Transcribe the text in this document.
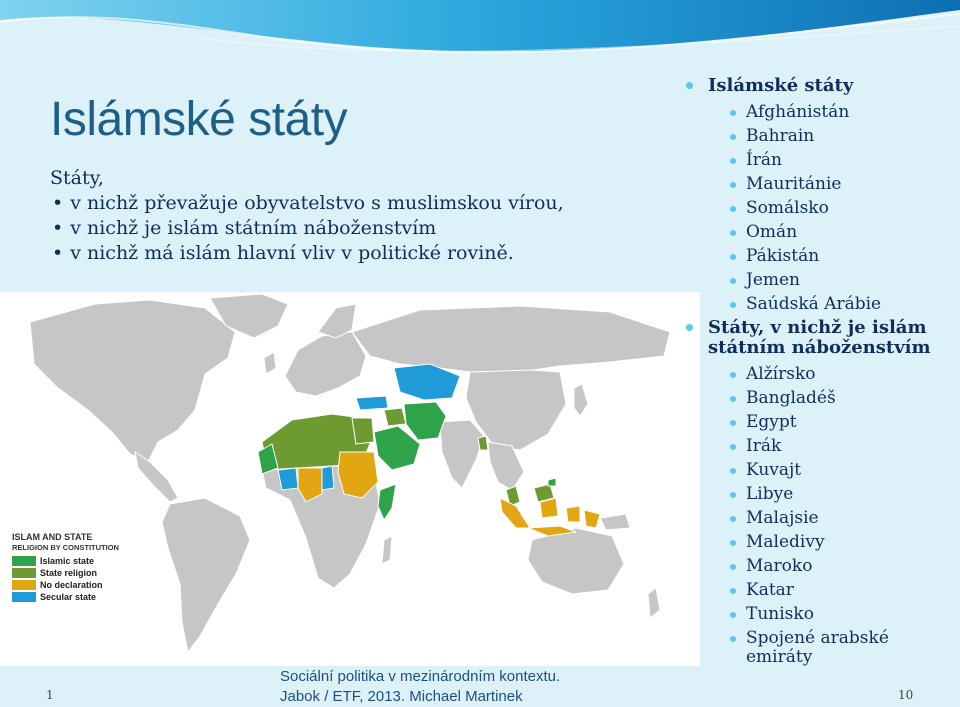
Islámské státy
Státy,
• v nichž převažuje obyvatelstvo s muslimskou vírou,
• v nichž je islám státním náboženstvím
• v nichž má islám hlavní vliv v politické rovině.
ISLAM AND STATE
RELIGION BY CONSTITUTION
Islamic state
State religion
No declaration
Secular state
Islámské státy
Afghánistán
Bahrain
Írán
Mauritánie
Somálsko
Omán
Pákistán
Jemen
Saúdská Arábie
Státy, v nichž je islám státním náboženstvím
Alžírsko
Bangladéš
Egypt
Irák
Kuvajt
Libye
Malajsie
Maledivy
Maroko
Katar
Tunisko
Spojené arabské emiráty
1
Sociální politika v mezinárodním kontextu.
Jabok / ETF, 2013. Michael Martinek	10
